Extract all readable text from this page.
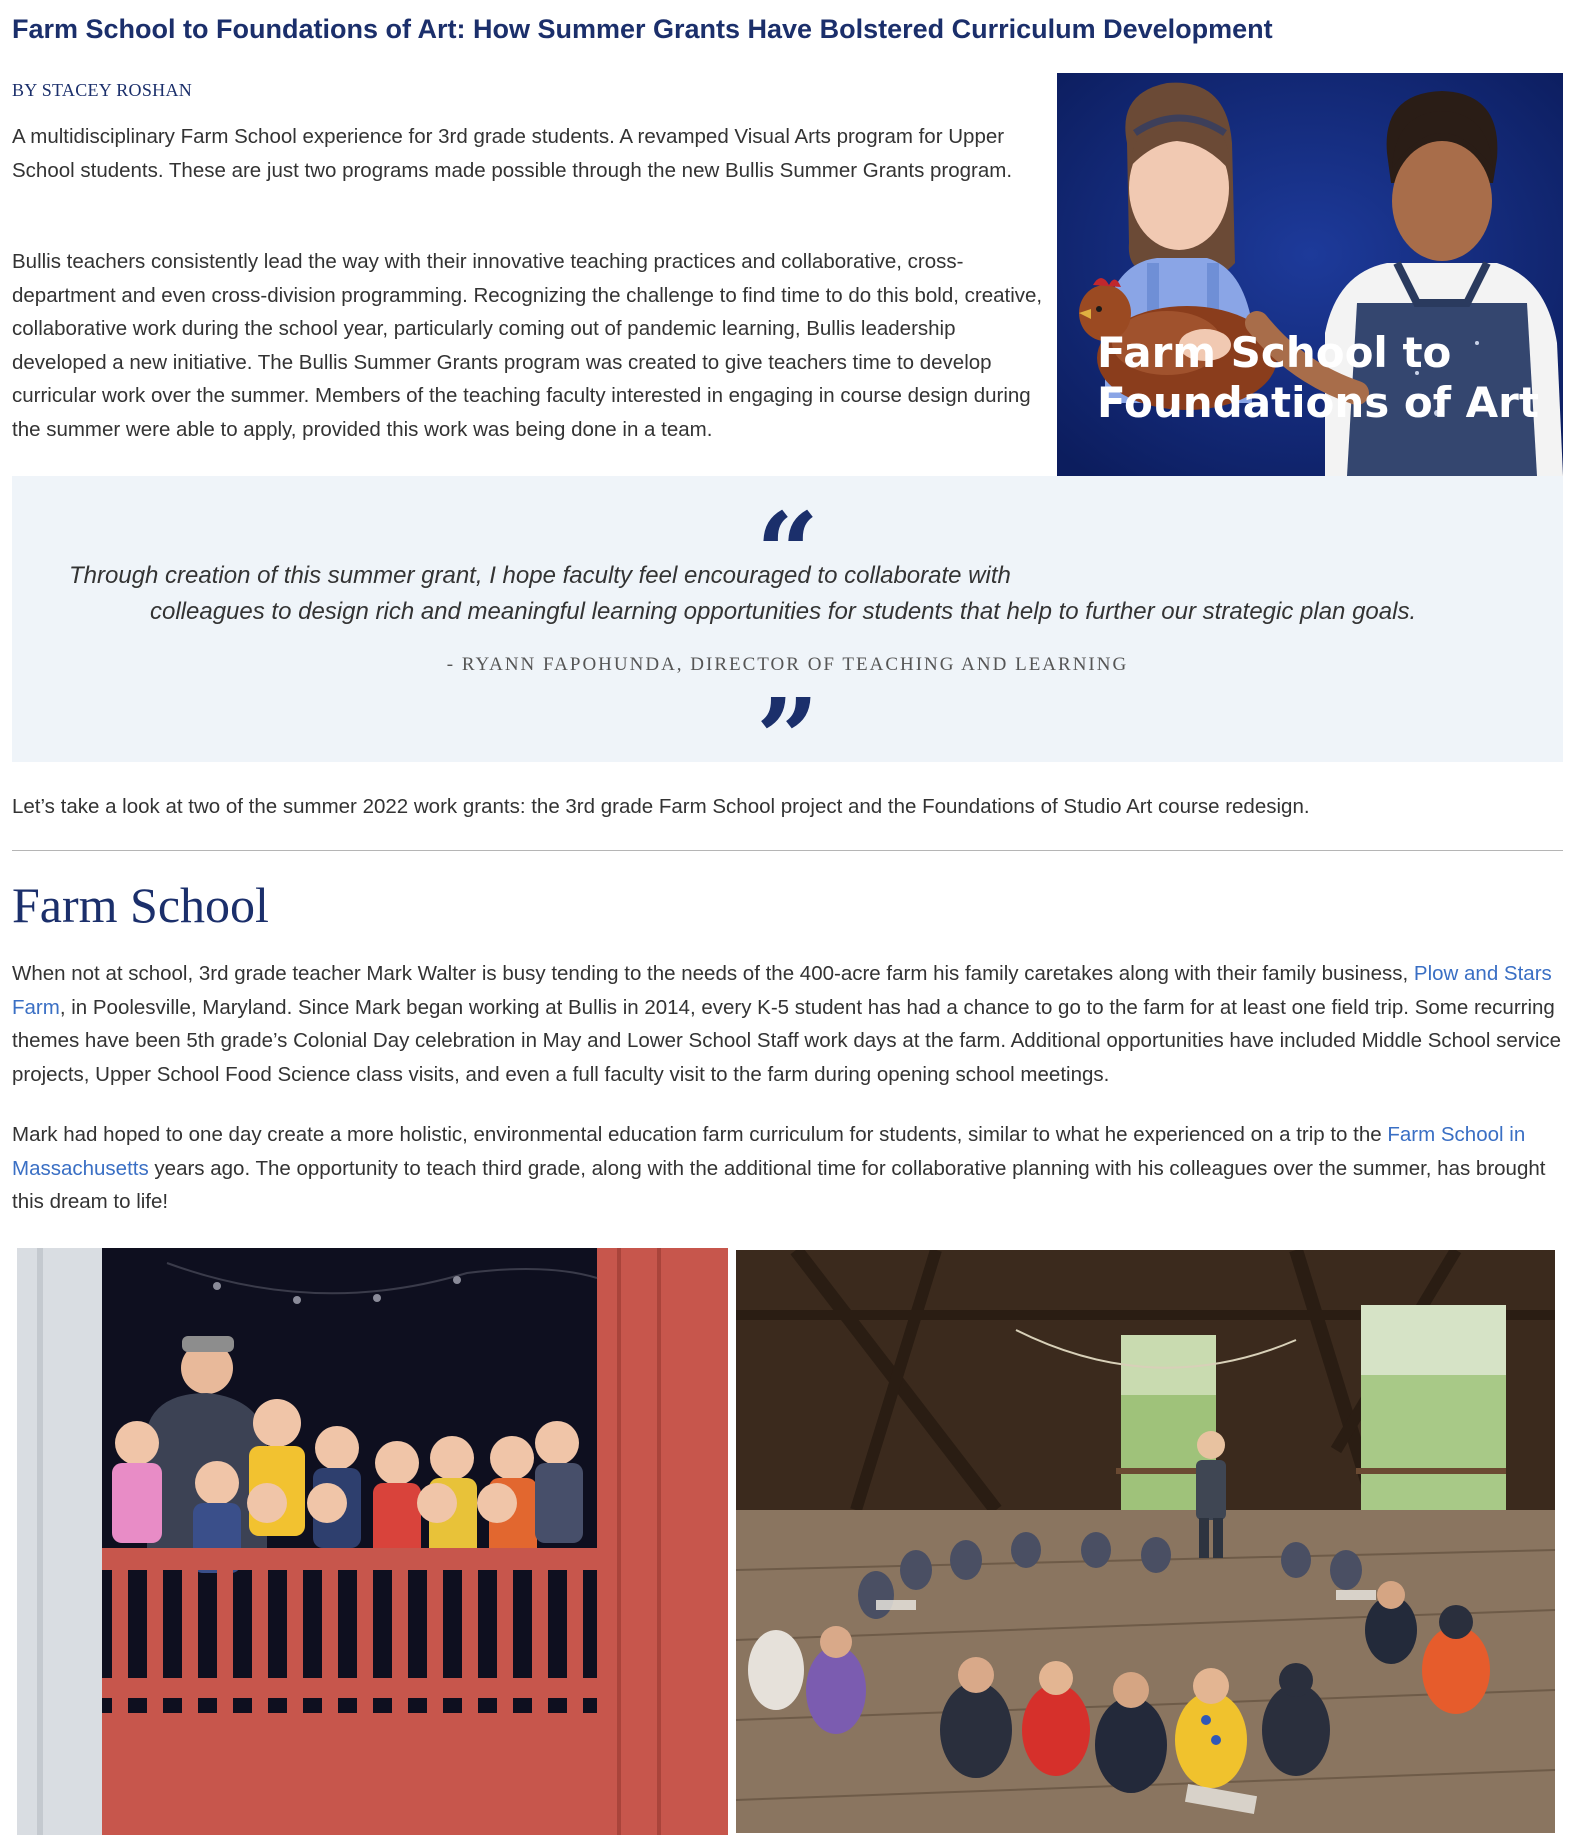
Farm School to Foundations of Art: How Summer Grants Have Bolstered Curriculum Development
BY STACEY ROSHAN

A multidisciplinary Farm School experience for 3rd grade students. A revamped Visual Arts program for Upper School students. These are just two programs made possible through the new Bullis Summer Grants program.

Bullis teachers consistently lead the way with their innovative teaching practices and collaborative, cross-department and even cross-division programming. Recognizing the challenge to find time to do this bold, creative, collaborative work during the school year, particularly coming out of pandemic learning, Bullis leadership developed a new initiative. The Bullis Summer Grants program was created to give teachers time to develop curricular work over the summer. Members of the teaching faculty interested in engaging in course design during the summer were able to apply, provided this work was being done in a team.

Farm School to
Foundations of Art
“
Through creation of this summer grant, I hope faculty feel encouraged to collaborate with
colleagues to design rich and meaningful learning opportunities for students that help to further our strategic plan goals.
- RYANN FAPOHUNDA, DIRECTOR OF TEACHING AND LEARNING
”

Let’s take a look at two of the summer 2022 work grants: the 3rd grade Farm School project and the Foundations of Studio Art course redesign.

Farm School

When not at school, 3rd grade teacher Mark Walter is busy tending to the needs of the 400-acre farm his family caretakes along with their family business, Plow and Stars Farm, in Poolesville, Maryland. Since Mark began working at Bullis in 2014, every K-5 student has had a chance to go to the farm for at least one field trip. Some recurring themes have been 5th grade’s Colonial Day celebration in May and Lower School Staff work days at the farm. Additional opportunities have included Middle School service projects, Upper School Food Science class visits, and even a full faculty visit to the farm during opening school meetings.

Mark had hoped to one day create a more holistic, environmental education farm curriculum for students, similar to what he experienced on a trip to the Farm School in Massachusetts years ago. The opportunity to teach third grade, along with the additional time for collaborative planning with his colleagues over the summer, has brought this dream to life!
